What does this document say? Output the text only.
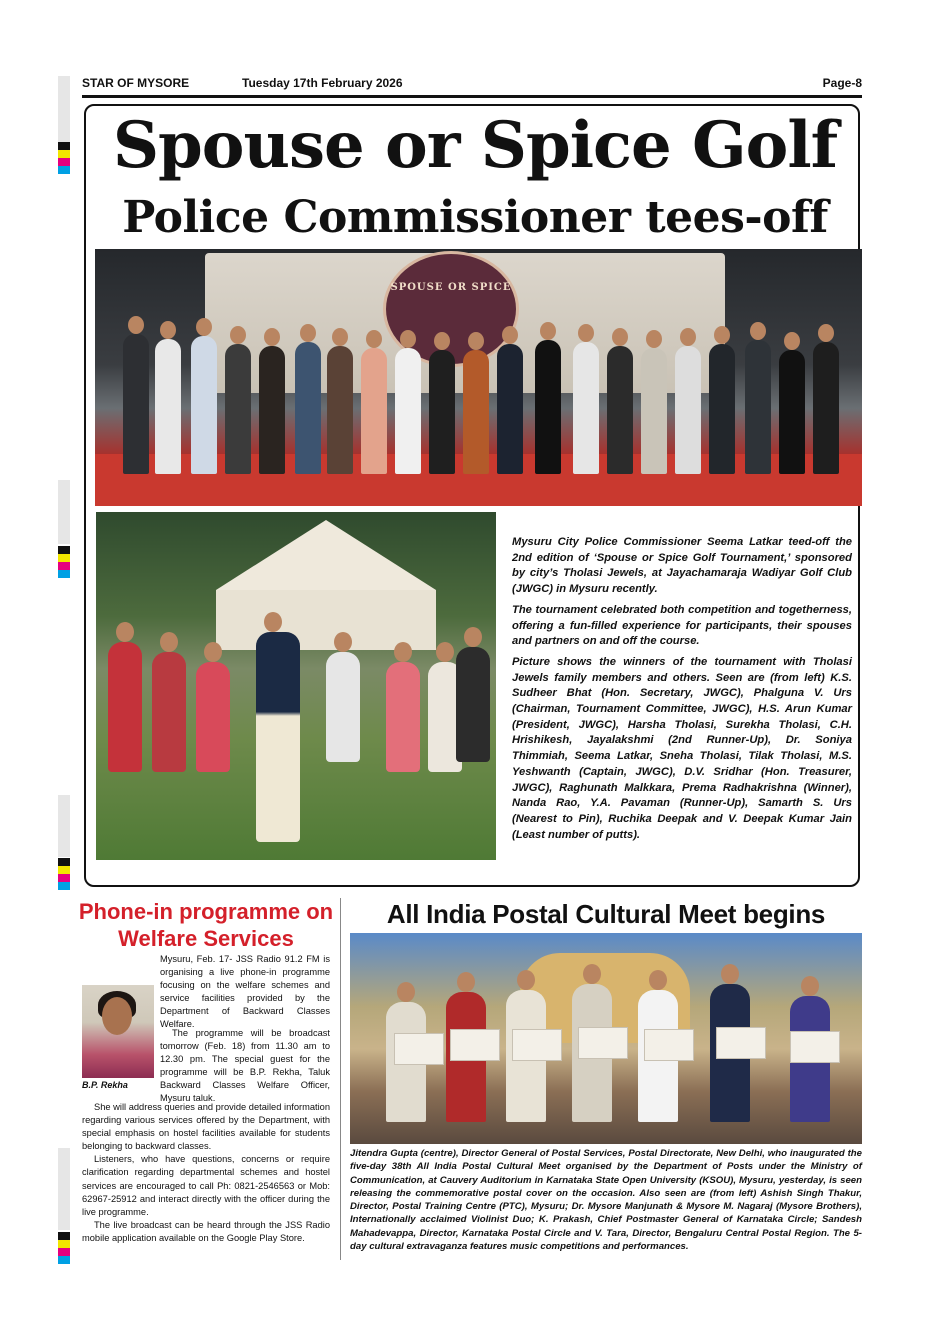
STAR OF MYSORE	Tuesday 17th February 2026	Page-8
Spouse or Spice Golf
Police Commissioner tees-off
SPOUSE OR SPICE

Mysuru City Police Commissioner Seema Latkar teed-off the 2nd edition of ‘Spouse or Spice Golf Tournament,’ sponsored by city’s Tholasi Jewels, at Jayachamaraja Wadiyar Golf Club (JWGC) in Mysuru recently.

The tournament celebrated both competition and togetherness, offering a fun-filled experience for participants, their spouses and partners on and off the course.

Picture shows the winners of the tournament with Tholasi Jewels family members and others. Seen are (from left) K.S. Sudheer Bhat (Hon. Secretary, JWGC), Phalguna V. Urs (Chairman, Tournament Committee, JWGC), H.S. Arun Kumar (President, JWGC), Harsha Tholasi, Surekha Tholasi, C.H. Hrishikesh, Jayalakshmi (2nd Runner-Up), Dr. Soniya Thimmiah, Seema Latkar, Sneha Tholasi, Tilak Tholasi, M.S. Yeshwanth (Captain, JWGC), D.V. Sridhar (Hon. Treasurer, JWGC), Raghunath Malkkara, Prema Radhakrishna (Winner), Nanda Rao, Y.A. Pavaman (Runner-Up), Samarth S. Urs (Nearest to Pin), Ruchika Deepak and V. Deepak Kumar Jain (Least number of putts).

Phone-in programme on Welfare Services

Mysuru, Feb. 17- JSS Radio 91.2 FM is organising a live phone-in programme focusing on the welfare schemes and service facilities provided by the Department of Backward Classes Welfare.

The programme will be broadcast tomorrow (Feb. 18) from 11.30 am to 12.30 pm. The special guest for the programme will be B.P. Rekha, Taluk Backward Classes Welfare Officer, Mysuru taluk.

B.P. Rekha

She will address queries and provide detailed information regarding various services offered by the Department, with special emphasis on hostel facilities available for students belonging to backward classes.

Listeners, who have questions, concerns or require clarification regarding departmental schemes and hostel services are encouraged to call Ph: 0821-2546563 or Mob: 62967-25912 and interact directly with the officer during the live programme.

The live broadcast can be heard through the JSS Radio mobile application available on the Google Play Store.

All India Postal Cultural Meet begins
Jitendra Gupta (centre), Director General of Postal Services, Postal Directorate, New Delhi, who inaugurated the five-day 38th All India Postal Cultural Meet organised by the Department of Posts under the Ministry of Communication, at Cauvery Auditorium in Karnataka State Open University (KSOU), Mysuru, yesterday, is seen releasing the commemorative postal cover on the occasion. Also seen are (from left) Ashish Singh Thakur, Director, Postal Training Centre (PTC), Mysuru; Dr. Mysore Manjunath & Mysore M. Nagaraj (Mysore Brothers), Internationally acclaimed Violinist Duo; K. Prakash, Chief Postmaster General of Karnataka Circle; Sandesh Mahadevappa, Director, Karnataka Postal Circle and V. Tara, Director, Bengaluru Central Postal Region. The 5-day cultural extravaganza features music competitions and performances.
